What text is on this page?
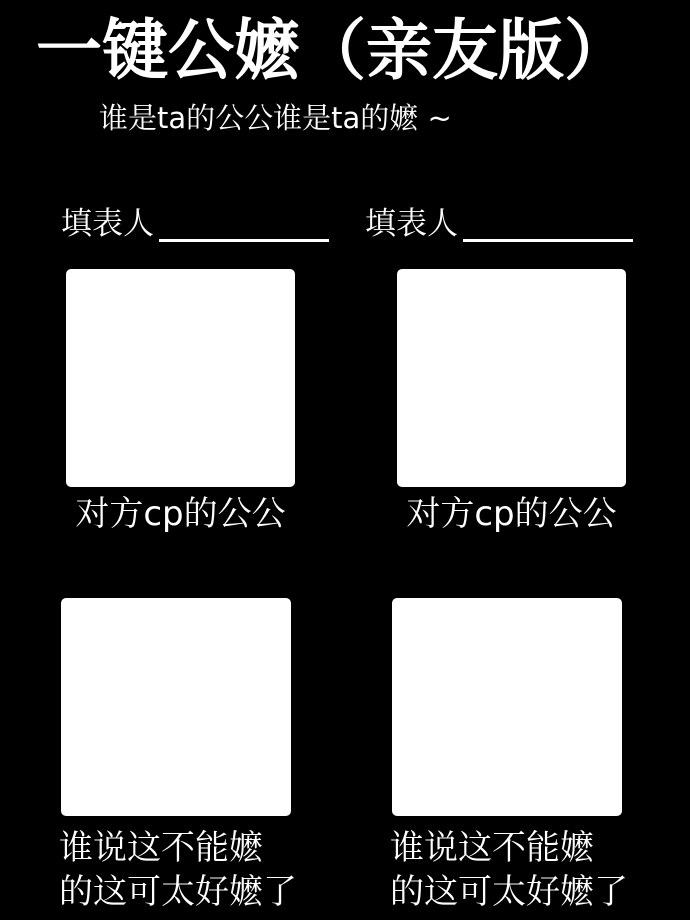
一键公嬷（亲友版）
谁是ta的公公谁是ta的嬷 ~
填表人	填表人
对方cp的公公	对方cp的公公
谁说这不能嬷
的这可太好嬷了
谁说这不能嬷
的这可太好嬷了
